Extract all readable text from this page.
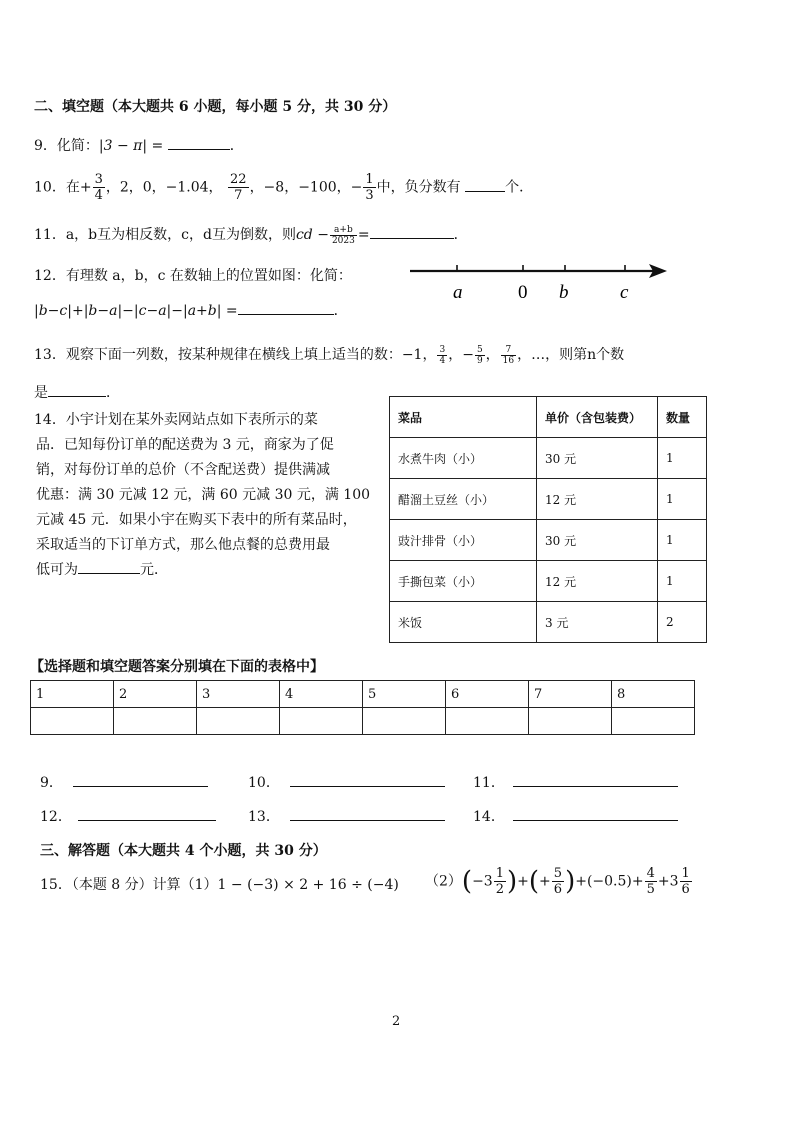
二、填空题（本大题共 6 小题，每小题 5 分，共 30 分）
9．化简：|3 − π| =	．
10．在+ $\frac{3}{4}$ ，2，0，−1.04， $\frac{22}{7}$ ，−8，−100，− $\frac{1}{3}$ 中，负分数有	个．
11．a，b互为相反数，c，d互为倒数，则cd − $\frac{a+b}{2023}$ =	．
12．有理数 a，b，c 在数轴上的位置如图：化简：
|b−c|+|b−a|−|c−a|−|a+b| =	．
a	0 b	c
13．观察下面一列数，按某种规律在横线上填上适当的数：−1， $\frac{3}{4}$ ，− $\frac{5}{9}$ ， $\frac{7}{16}$ ，…，则第n个数
是	．
14．小宇计划在某外卖网站点如下表所示的菜
品．已知每份订单的配送费为 3 元，商家为了促
销，对每份订单的总价（不含配送费）提供满减
优惠：满 30 元减 12 元，满 60 元减 30 元，满 100
元减 45 元．如果小宇在购买下表中的所有菜品时，
采取适当的下订单方式，那么他点餐的总费用最
低可为	元．
菜品	单价（含包装费）	数量
水煮牛肉（小）	30 元	1
醋溜土豆丝（小）	12 元	1
豉汁排骨（小）	30 元	1
手撕包菜（小）	12 元	1
米饭	3 元	2
【选择题和填空题答案分别填在下面的表格中】
1	2	3	4	5	6	7	8

9．	10．	11．
12．	13．	14．
三、解答题（本大题共 4 个小题，共 30 分）
15．（本题 8 分）计算（1）1 − (−3) × 2 + 16 ÷ (−4) $(2)(-3 \frac{1}{2}$ )+(+ $\frac{5}{6} )+(-0.5)+ \frac{4}{5} +3 \frac{1}{6}$
2
